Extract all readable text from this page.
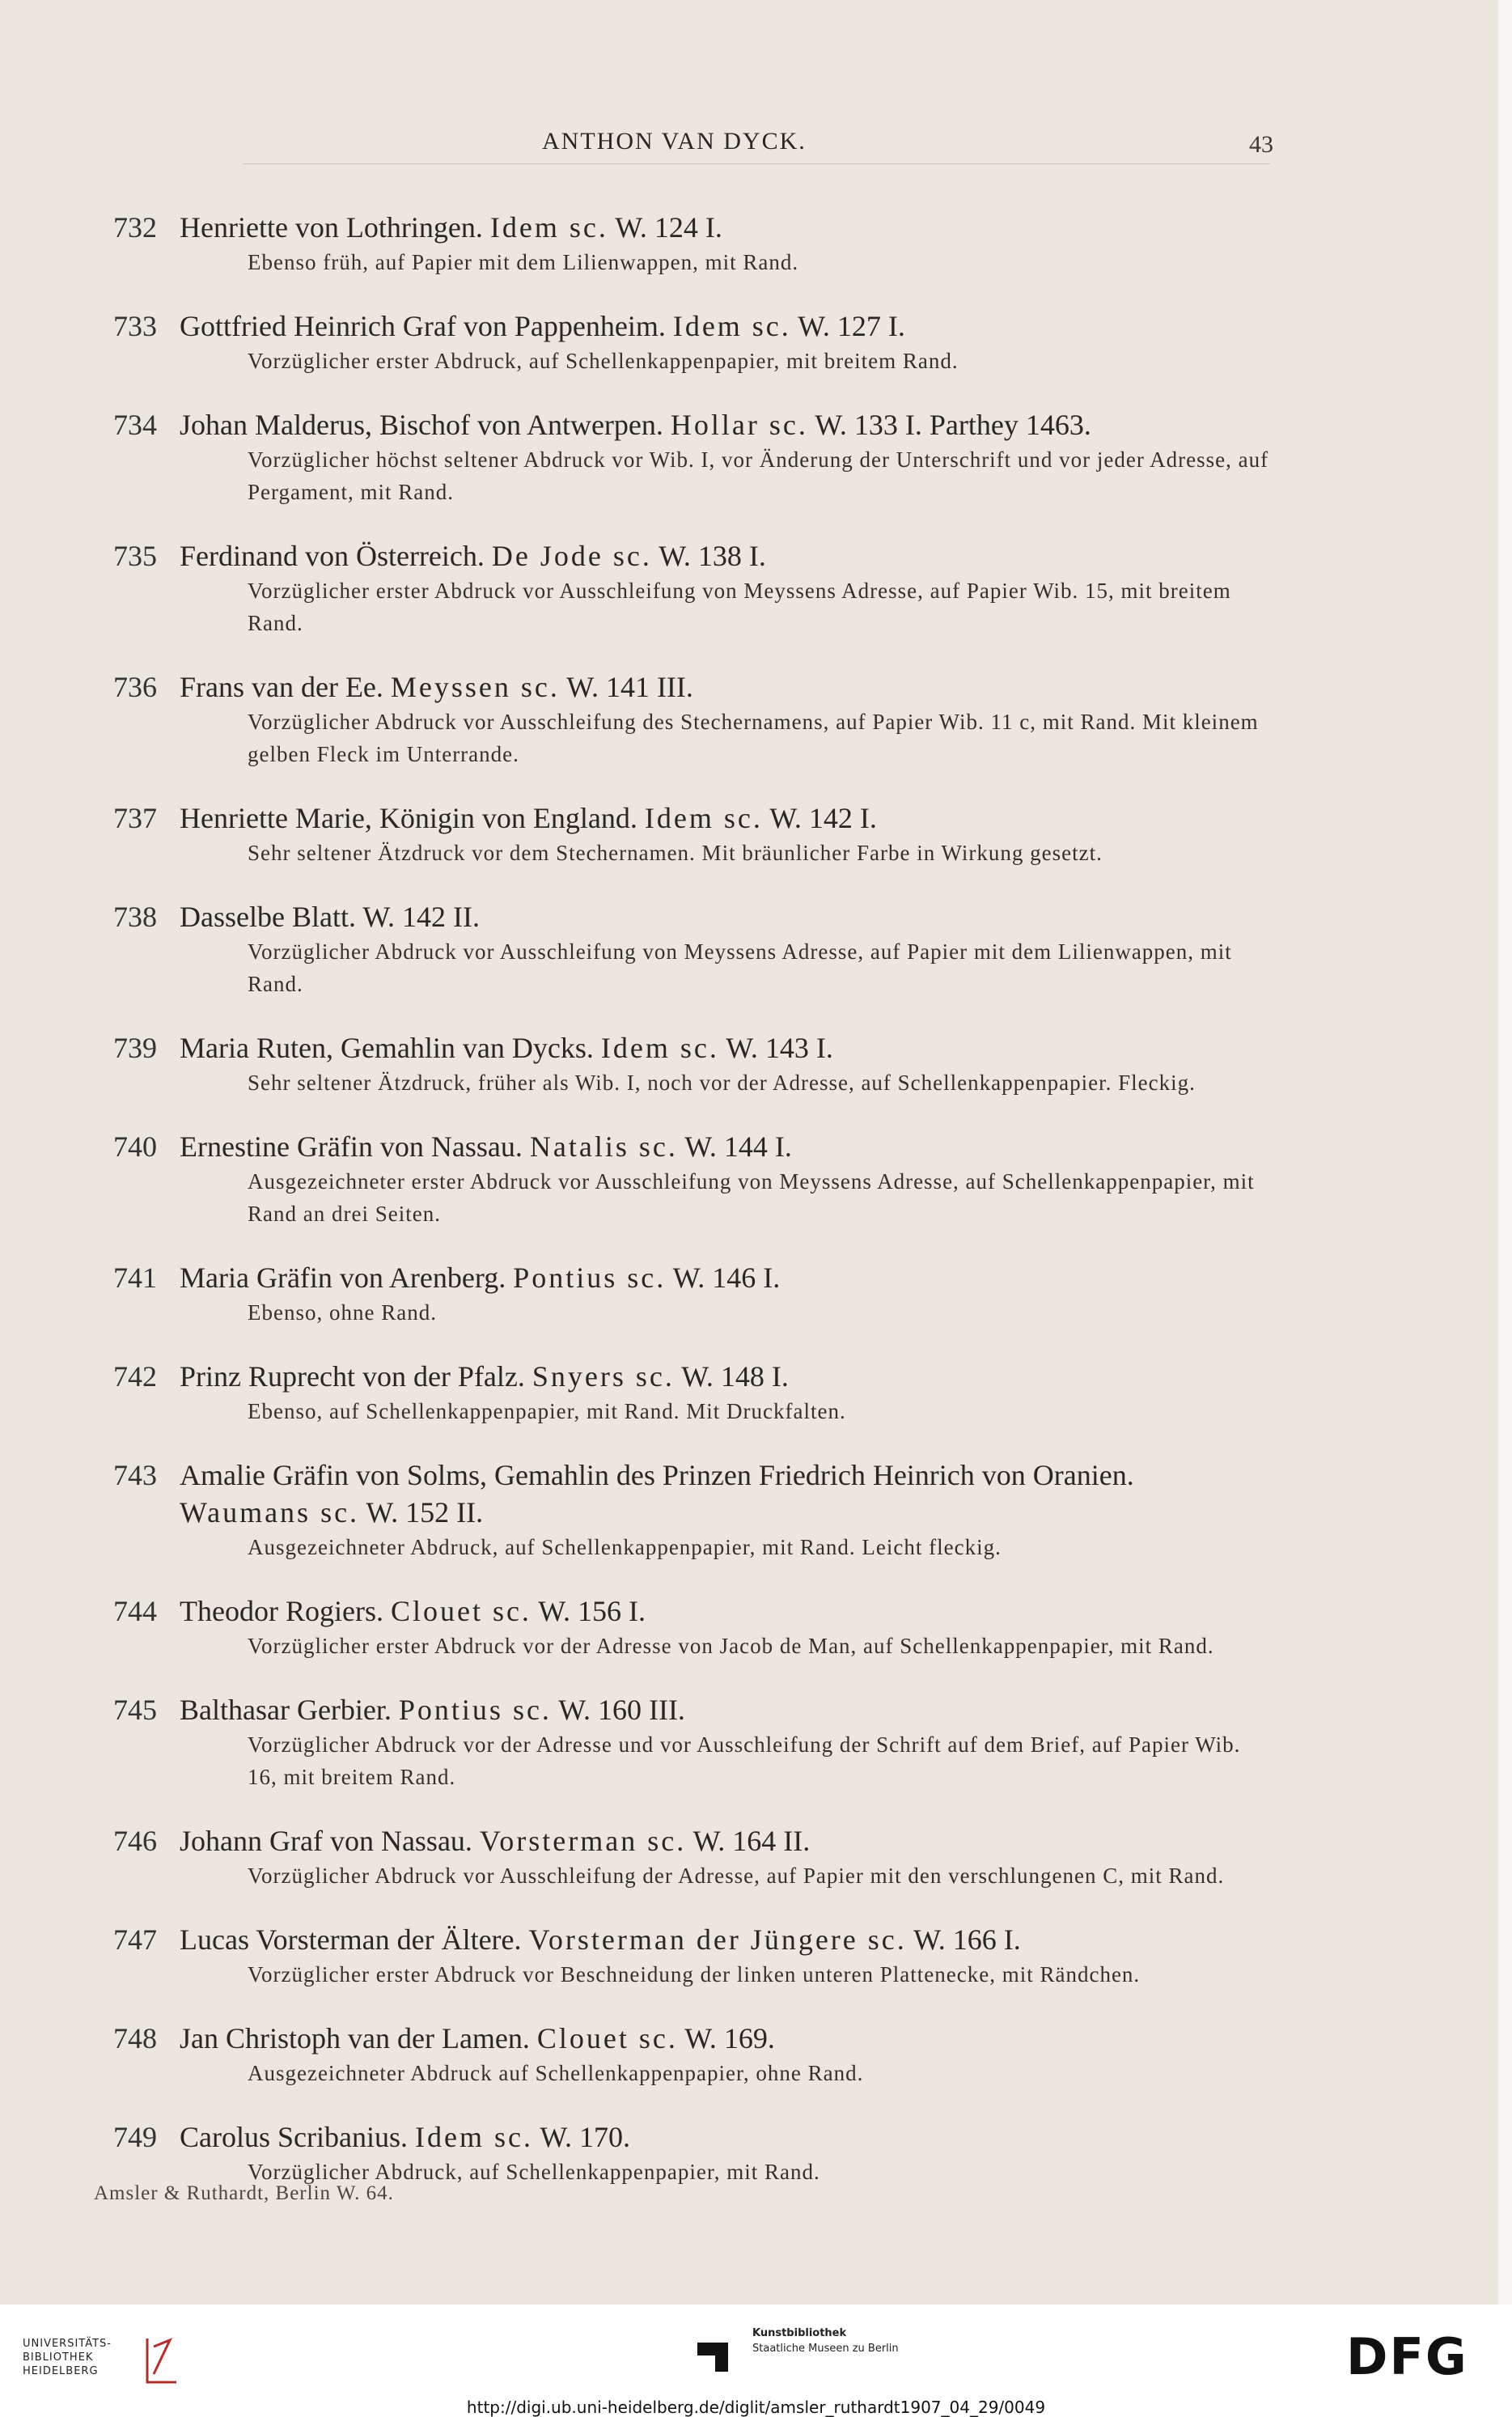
ANTHON VAN DYCK.	43
732 Henriette von Lothringen. Idem sc. W. 124 I.
Ebenso früh, auf Papier mit dem Lilienwappen, mit Rand.
733 Gottfried Heinrich Graf von Pappenheim. Idem sc. W. 127 I.
Vorzüglicher erster Abdruck, auf Schellenkappenpapier, mit breitem Rand.
734 Johan Malderus, Bischof von Antwerpen. Hollar sc. W. 133 I. Parthey 1463.
Vorzüglicher höchst seltener Abdruck vor Wib. I, vor Änderung der Unterschrift und vor jeder Adresse, auf Pergament, mit Rand.
735 Ferdinand von Österreich. De Jode sc. W. 138 I.
Vorzüglicher erster Abdruck vor Ausschleifung von Meyssens Adresse, auf Papier Wib. 15, mit breitem Rand.
736 Frans van der Ee. Meyssen sc. W. 141 III.
Vorzüglicher Abdruck vor Ausschleifung des Stechernamens, auf Papier Wib. 11 c, mit Rand. Mit kleinem gelben Fleck im Unterrande.
737 Henriette Marie, Königin von England. Idem sc. W. 142 I.
Sehr seltener Ätzdruck vor dem Stechernamen. Mit bräunlicher Farbe in Wirkung gesetzt.
738 Dasselbe Blatt. W. 142 II.
Vorzüglicher Abdruck vor Ausschleifung von Meyssens Adresse, auf Papier mit dem Lilienwappen, mit Rand.
739 Maria Ruten, Gemahlin van Dycks. Idem sc. W. 143 I.
Sehr seltener Ätzdruck, früher als Wib. I, noch vor der Adresse, auf Schellenkappenpapier. Fleckig.
740 Ernestine Gräfin von Nassau. Natalis sc. W. 144 I.
Ausgezeichneter erster Abdruck vor Ausschleifung von Meyssens Adresse, auf Schellenkappenpapier, mit Rand an drei Seiten.
741 Maria Gräfin von Arenberg. Pontius sc. W. 146 I.
Ebenso, ohne Rand.
742 Prinz Ruprecht von der Pfalz. Snyers sc. W. 148 I.
Ebenso, auf Schellenkappenpapier, mit Rand. Mit Druckfalten.
743 Amalie Gräfin von Solms, Gemahlin des Prinzen Friedrich Heinrich von Oranien. Waumans sc. W. 152 II.
Ausgezeichneter Abdruck, auf Schellenkappenpapier, mit Rand. Leicht fleckig.
744 Theodor Rogiers. Clouet sc. W. 156 I.
Vorzüglicher erster Abdruck vor der Adresse von Jacob de Man, auf Schellenkappenpapier, mit Rand.
745 Balthasar Gerbier. Pontius sc. W. 160 III.
Vorzüglicher Abdruck vor der Adresse und vor Ausschleifung der Schrift auf dem Brief, auf Papier Wib. 16, mit breitem Rand.
746 Johann Graf von Nassau. Vorsterman sc. W. 164 II.
Vorzüglicher Abdruck vor Ausschleifung der Adresse, auf Papier mit den verschlungenen C, mit Rand.
747 Lucas Vorsterman der Ältere. Vorsterman der Jüngere sc. W. 166 I.
Vorzüglicher erster Abdruck vor Beschneidung der linken unteren Plattenecke, mit Rändchen.
748 Jan Christoph van der Lamen. Clouet sc. W. 169.
Ausgezeichneter Abdruck auf Schellenkappenpapier, ohne Rand.
749 Carolus Scribanius. Idem sc. W. 170.
Vorzüglicher Abdruck, auf Schellenkappenpapier, mit Rand.
Amsler & Ruthardt, Berlin W. 64.
UNIVERSITÄTS-
BIBLIOTHEK
HEIDELBERG
Kunstbibliothek
Staatliche Museen zu Berlin	DFG
http://digi.ub.uni-heidelberg.de/diglit/amsler_ruthardt1907_04_29/0049
